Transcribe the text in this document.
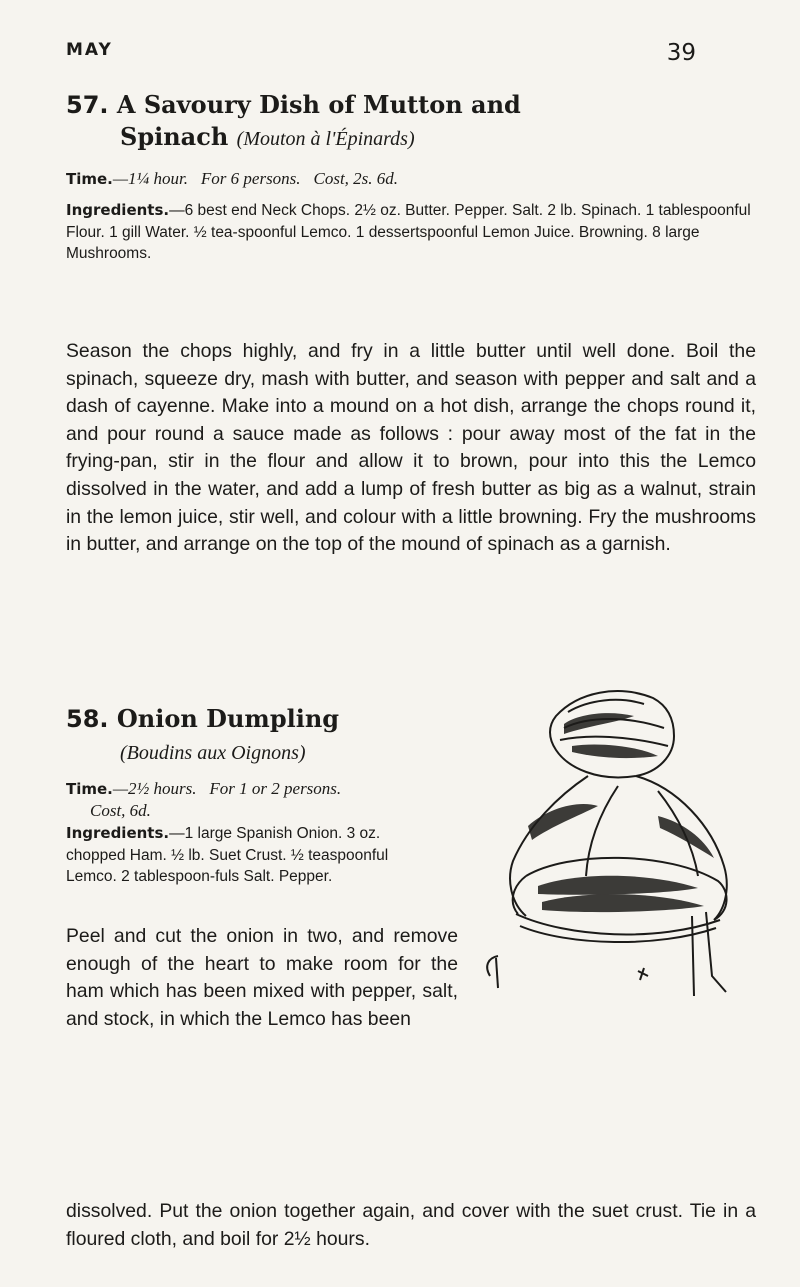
MAY	39
57. A Savoury Dish of Mutton and
Spinach (Mouton à l'Épinards)
Time.—1¼ hour. For 6 persons. Cost, 2s. 6d.
Ingredients.—6 best end Neck Chops. 2½ oz. Butter. Pepper. Salt. 2 lb. Spinach. 1 tablespoonful Flour. 1 gill Water. ½ tea-spoonful Lemco. 1 dessertspoonful Lemon Juice. Browning. 8 large Mushrooms.
Season the chops highly, and fry in a little butter until well done. Boil the spinach, squeeze dry, mash with butter, and season with pepper and salt and a dash of cayenne. Make into a mound on a hot dish, arrange the chops round it, and pour round a sauce made as follows : pour away most of the fat in the frying-pan, stir in the flour and allow it to brown, pour into this the Lemco dissolved in the water, and add a lump of fresh butter as big as a walnut, strain in the lemon juice, stir well, and colour with a little browning. Fry the mushrooms in butter, and arrange on the top of the mound of spinach as a garnish.
58. Onion Dumpling
(Boudins aux Oignons)
Time.—2½ hours. For 1 or 2 persons.
Cost, 6d.
Ingredients.—1 large Spanish Onion. 3 oz. chopped Ham. ½ lb. Suet Crust. ½ teaspoonful Lemco. 2 tablespoon-fuls Salt. Pepper.
Peel and cut the onion in two, and remove enough of the heart to make room for the ham which has been mixed with pepper, salt, and stock, in which the Lemco has been
dissolved. Put the onion together again, and cover with the suet crust. Tie in a floured cloth, and boil for 2½ hours.
